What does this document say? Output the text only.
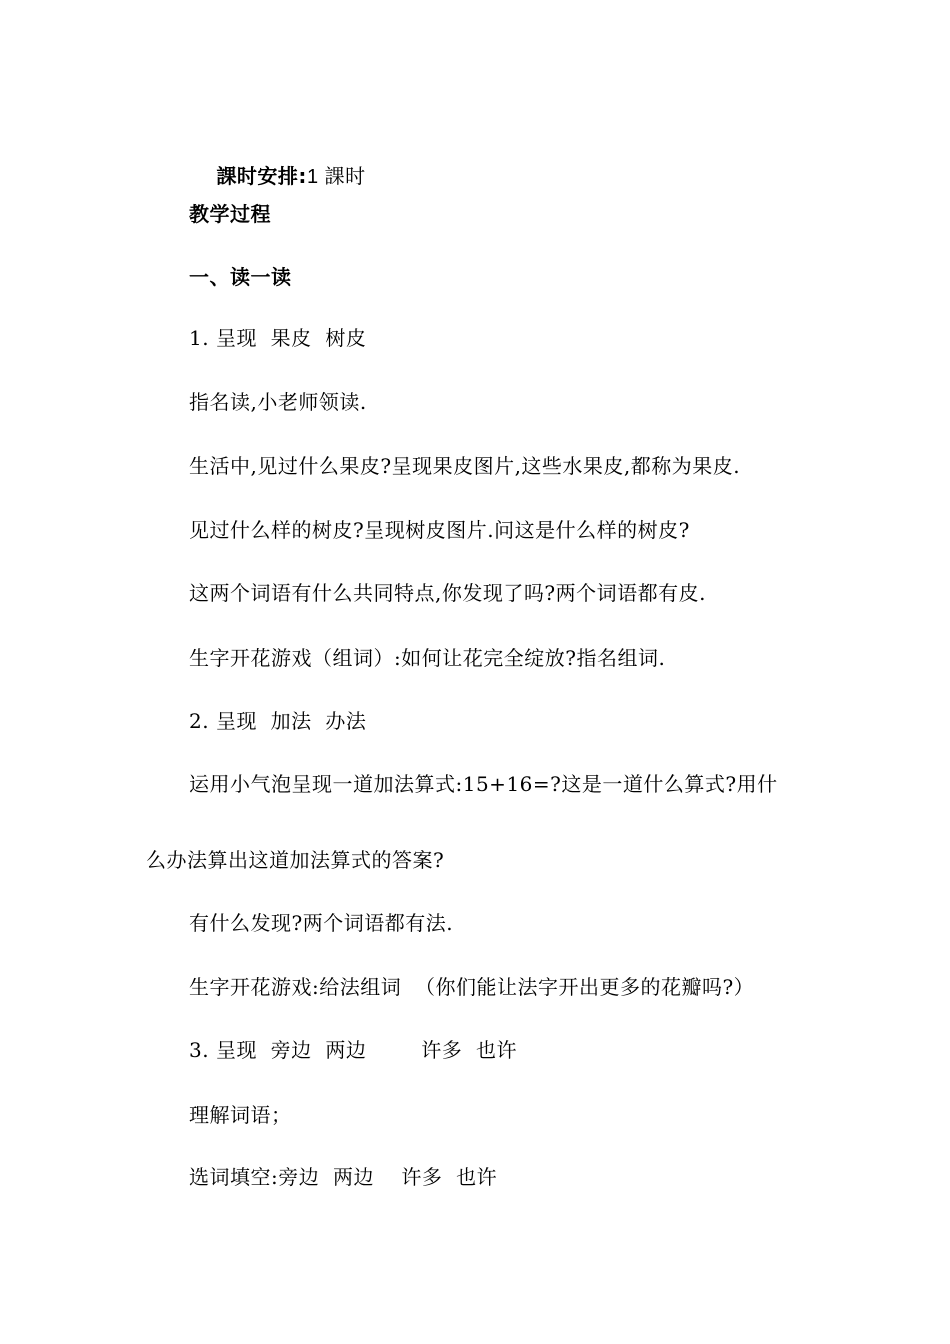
課时安排:1 課时

教学过程
一、读一读
1. 呈现  果皮  树皮
指名读,小老师领读.
生活中,见过什么果皮?呈现果皮图片,这些水果皮,都称为果皮.
见过什么样的树皮?呈现树皮图片.问这是什么样的树皮?
这两个词语有什么共同特点,你发现了吗?两个词语都有皮.
生字开花游戏（组词）:如何让花完全绽放?指名组词.
2. 呈现  加法  办法
运用小气泡呈现一道加法算式:15+16=?这是一道什么算式?用什
么办法算出这道加法算式的答案?
有什么发现?两个词语都有法.
生字开花游戏:给法组词  （你们能让法字开出更多的花瓣吗?）
3. 呈现  旁边  两边        许多  也许
理解词语；
选词填空:旁边  两边    许多  也许
